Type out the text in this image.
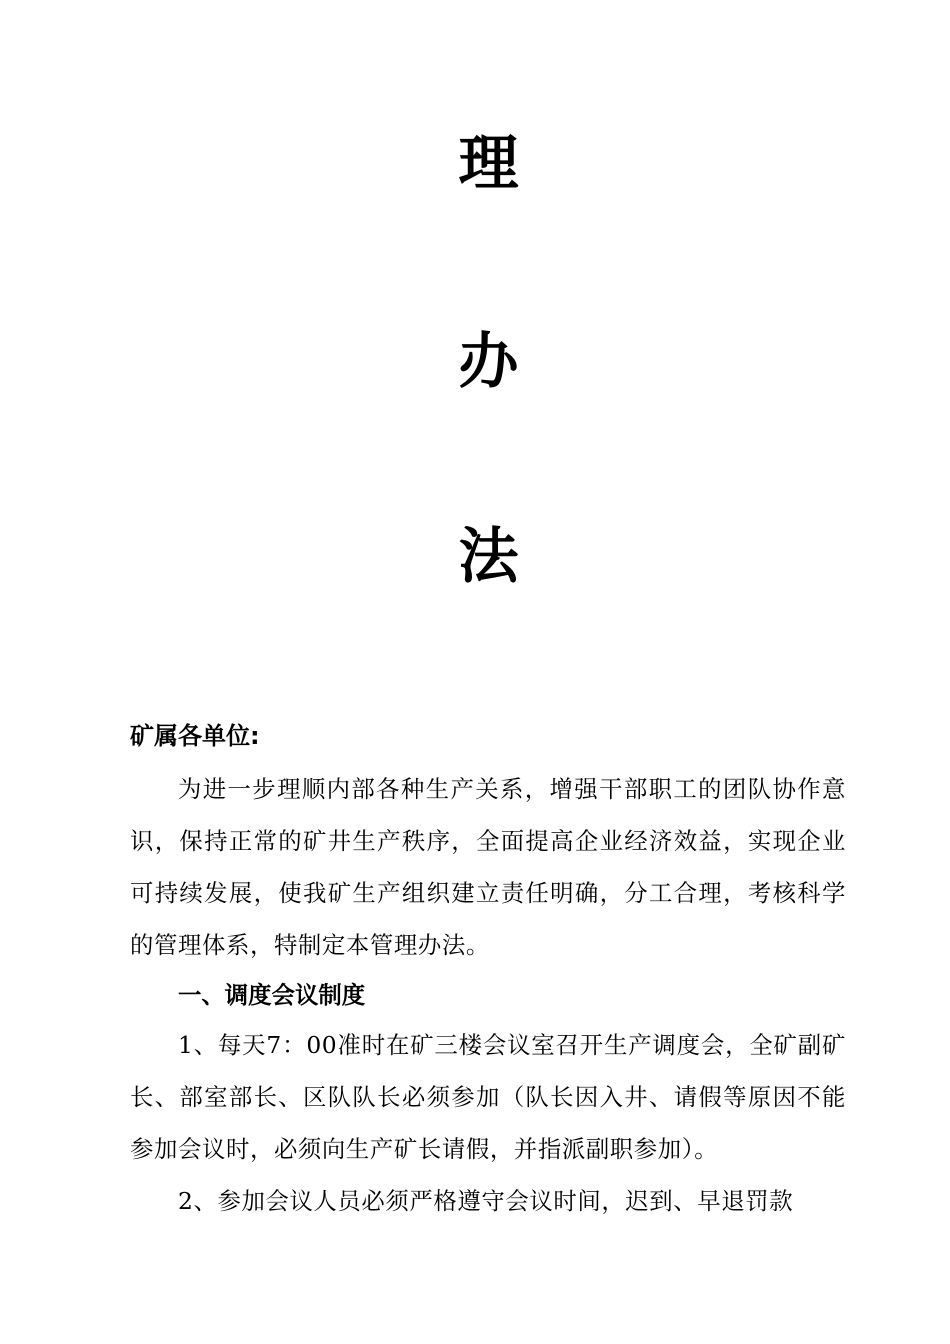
理
办
法

矿属各单位:

为进一步理顺内部各种生产关系，增强干部职工的团队协作意识，保持正常的矿井生产秩序，全面提高企业经济效益，实现企业可持续发展，使我矿生产组织建立责任明确，分工合理，考核科学的管理体系，特制定本管理办法。

一、调度会议制度

1、每天7：00准时在矿三楼会议室召开生产调度会，全矿副矿长、部室部长、区队队长必须参加（队长因入井、请假等原因不能参加会议时，必须向生产矿长请假，并指派副职参加）。

2、参加会议人员必须严格遵守会议时间，迟到、早退罚款
